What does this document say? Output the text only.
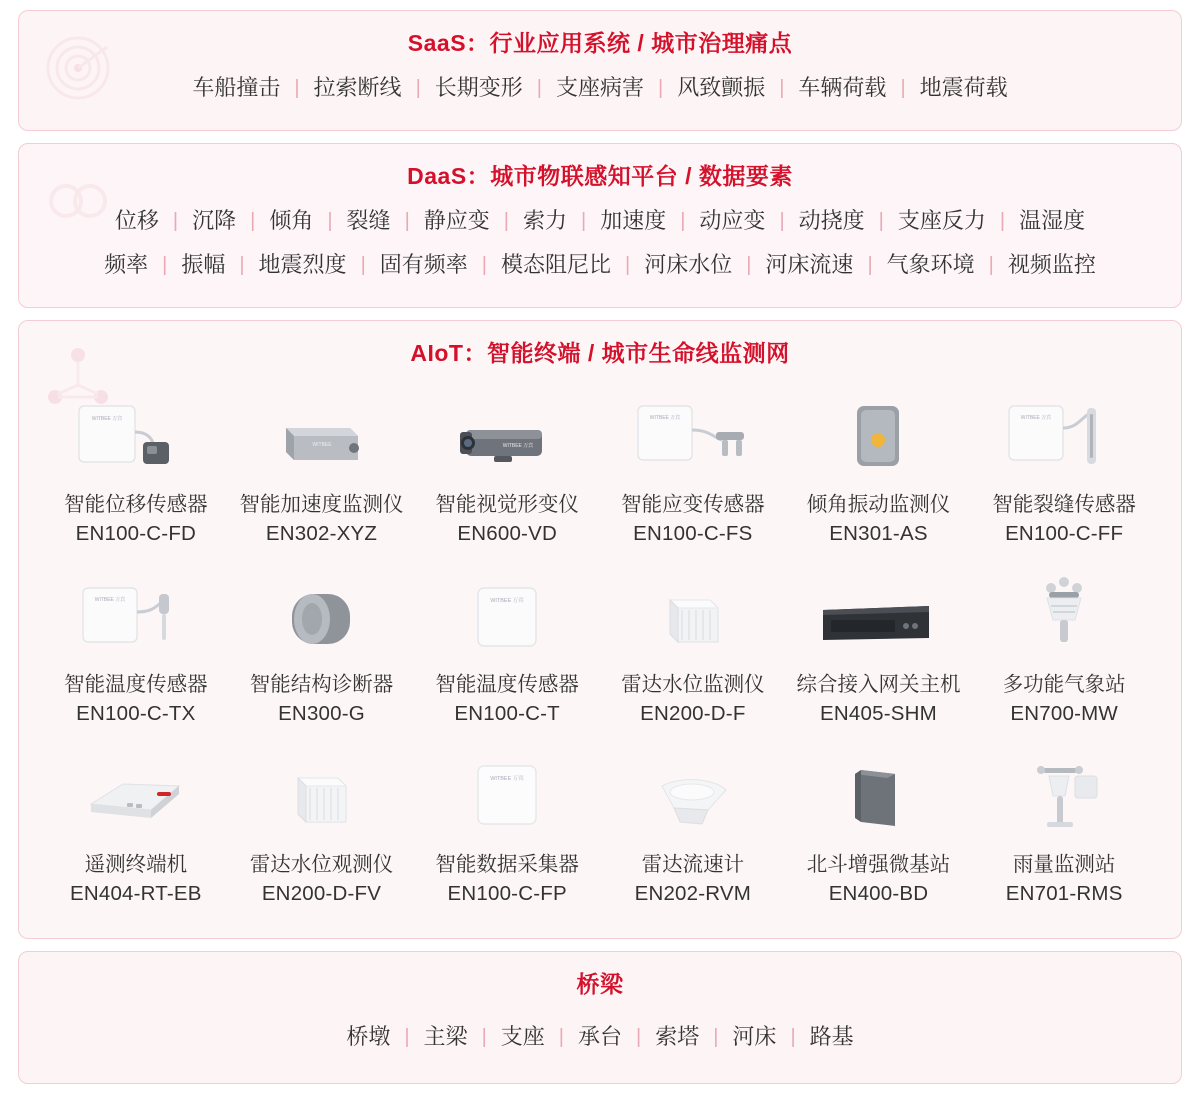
SaaS：行业应用系统 / 城市治理痛点
车船撞击 | 拉索断线 | 长期变形 | 支座病害 | 风致颤振 | 车辆荷载 | 地震荷载
DaaS：城市物联感知平台 / 数据要素
位移 | 沉降 | 倾角 | 裂缝 | 静应变 | 索力 | 加速度 | 动应变 | 动挠度 | 支座反力 | 温湿度
频率 | 振幅 | 地震烈度 | 固有频率 | 模态阻尼比 | 河床水位 | 河床流速 | 气象环境 | 视频监控
AIoT：智能终端 / 城市生命线监测网
WITBEE 万宾
智能位移传感器
EN100-C-FD
WITBEE
智能加速度监测仪
EN302-XYZ
WITBEE 万宾
智能视觉形变仪
EN600-VD
WITBEE 万宾
智能应变传感器
EN100-C-FS
倾角振动监测仪
EN301-AS
WITBEE 万宾
智能裂缝传感器
EN100-C-FF
WITBEE 万宾
智能温度传感器
EN100-C-TX
智能结构诊断器
EN300-G
WITBEE 万宾
智能温度传感器
EN100-C-T
雷达水位监测仪
EN200-D-F
综合接入网关主机
EN405-SHM
多功能气象站
EN700-MW
遥测终端机
EN404-RT-EB
雷达水位观测仪
EN200-D-FV
WITBEE 万宾
智能数据采集器
EN100-C-FP
雷达流速计
EN202-RVM
北斗增强微基站
EN400-BD
雨量监测站
EN701-RMS
桥梁
桥墩 | 主梁 | 支座 | 承台 | 索塔 | 河床 | 路基
